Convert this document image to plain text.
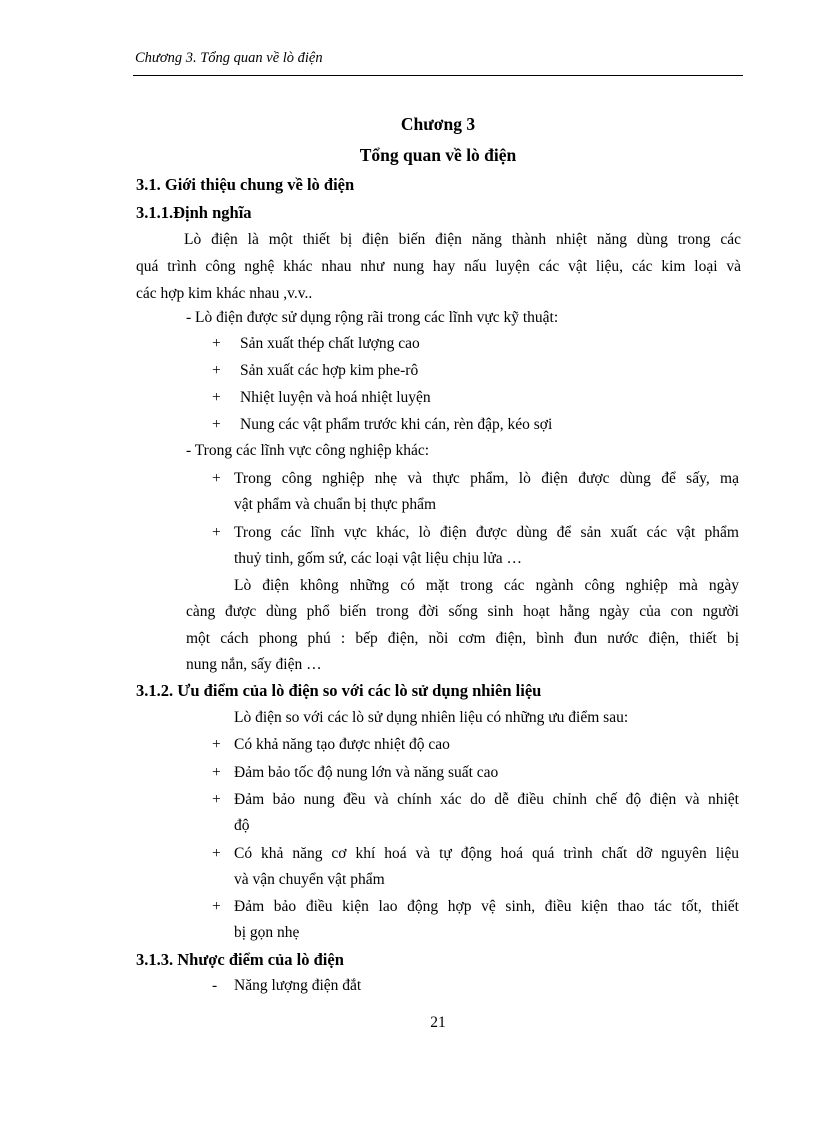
Chương 3. Tổng quan về lò điện
Chương 3
Tổng quan về lò điện
3.1. Giới thiệu chung về lò điện
3.1.1.Định nghĩa
Lò điện là một thiết bị điện biến điện năng thành nhiệt năng dùng trong các
quá trình công nghệ khác nhau như nung hay nấu luyện các vật liệu, các kim loại và
các hợp kim khác nhau ,v.v..
- Lò điện được sử dụng rộng rãi trong các lĩnh vực kỹ thuật:
+ Sản xuất thép chất lượng cao
+ Sản xuất các hợp kim phe-rô
+ Nhiệt luyện và hoá nhiệt luyện
+ Nung các vật phẩm trước khi cán, rèn đập, kéo sợi
- Trong các lĩnh vực công nghiệp khác:
+ Trong công nghiệp nhẹ và thực phẩm, lò điện được dùng để sấy, mạ
vật phẩm và chuẩn bị thực phẩm
+ Trong các lĩnh vực khác, lò điện được dùng để sản xuất các vật phẩm
thuỷ tinh, gốm sứ, các loại vật liệu chịu lửa …
Lò điện không những có mặt trong các ngành công nghiệp mà ngày
càng được dùng phổ biến trong đời sống sinh hoạt hằng ngày của con người
một cách phong phú : bếp điện, nồi cơm điện, bình đun nước điện, thiết bị
nung nắn, sấy điện …
3.1.2. Ưu điểm của lò điện so với các lò sử dụng nhiên liệu
Lò điện so với các lò sử dụng nhiên liệu có những ưu điểm sau:
+ Có khả năng tạo được nhiệt độ cao
+ Đảm bảo tốc độ nung lớn và năng suất cao
+ Đảm bảo nung đều và chính xác do dễ điều chỉnh chế độ điện và nhiệt
độ
+ Có khả năng cơ khí hoá và tự động hoá quá trình chất dỡ nguyên liệu
và vận chuyển vật phẩm
+ Đảm bảo điều kiện lao động hợp vệ sinh, điều kiện thao tác tốt, thiết
bị gọn nhẹ
3.1.3. Nhược điểm của lò điện
- Năng lượng điện đắt
21
